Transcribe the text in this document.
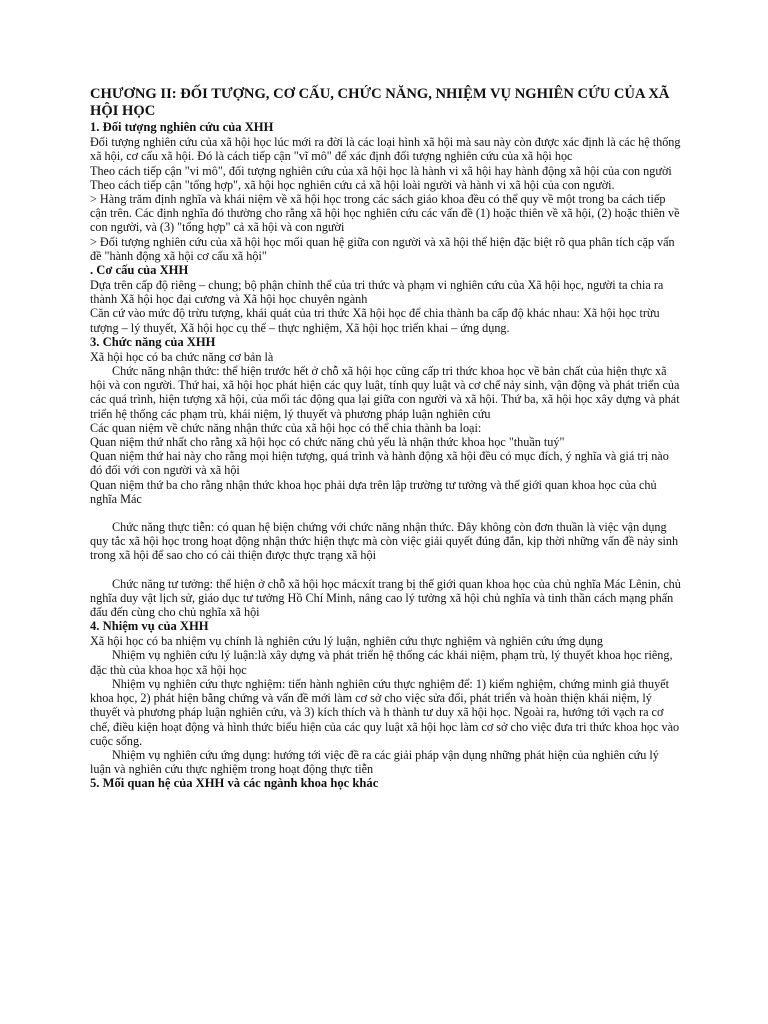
CHƯƠNG II: ĐỐI TƯỢNG, CƠ CẤU, CHỨC NĂNG, NHIỆM VỤ NGHIÊN CỨU CỦA XÃ HỘI HỌC
1. Đối tượng nghiên cứu của XHH

Đối tượng nghiên cứu của xã hội học lúc mới ra đời là các loại hình xã hội mà sau này còn được xác định là các hệ thống xã hội, cơ cấu xã hội. Đó là cách tiếp cận "vĩ mô" để xác định đối tượng nghiên cứu của xã hội học

Theo cách tiếp cận "vi mô", đối tượng nghiên cứu của xã hội học là hành vi xã hội hay hành động xã hội của con người

Theo cách tiếp cận "tổng hợp", xã hội học nghiên cứu cả xã hội loài người và hành vi xã hội của con người.

> Hàng trăm định nghĩa và khái niệm về xã hội học trong các sách giáo khoa đều có thể quy về một trong ba cách tiếp cận trên. Các định nghĩa đó thường cho rằng xã hội học nghiên cứu các vấn đề (1) hoặc thiên về xã hội, (2) hoặc thiên về con người, và (3) "tổng hợp" cả xã hội và con người

> Đối tượng nghiên cứu của xã hội học mối quan hệ giữa con người và xã hội thể hiện đặc biệt rõ qua phân tích cặp vấn đề "hành động xã hội cơ cấu xã hội"

. Cơ cấu của XHH

Dựa trên cấp độ riêng – chung; bộ phận chỉnh thể của tri thức và phạm vi nghiên cứu của Xã hội học, người ta chia ra thành Xã hội học đại cương và Xã hội học chuyên ngành

Căn cứ vào mức độ trừu tượng, khái quát của tri thức Xã hội học để chia thành ba cấp độ khác nhau: Xã hội học trừu tượng – lý thuyết, Xã hội học cụ thể – thực nghiệm, Xã hội học triển khai – ứng dụng.

3. Chức năng của XHH

Xã hội học có ba chức năng cơ bản là

Chức năng nhận thức: thể hiện trước hết ở chỗ xã hội học cũng cấp tri thức khoa học về bản chất của hiện thực xã hội và con người. Thứ hai, xã hội học phát hiện các quy luật, tính quy luật và cơ chế nảy sinh, vận động và phát triển của các quá trình, hiện tượng xã hội, của mối tác động qua lại giữa con người và xã hội. Thứ ba, xã hội học xây dựng và phát triển hệ thống các phạm trù, khái niệm, lý thuyết và phương pháp luận nghiên cứu

Các quan niệm về chức năng nhận thức của xã hội học có thể chia thành ba loại:

Quan niệm thứ nhất cho rằng xã hội học có chức năng chủ yếu là nhận thức khoa học "thuần tuý"

Quan niệm thứ hai này cho rằng mọi hiện tượng, quá trình và hành động xã hội đều có mục đích, ý nghĩa và giá trị nào đó đối với con người và xã hội

Quan niệm thứ ba cho rằng nhận thức khoa học phải dựa trên lập trường tư tưởng và thế giới quan khoa học của chủ nghĩa Mác

Chức năng thực tiễn: có quan hệ biện chứng với chức năng nhận thức. Đây không còn đơn thuần là việc vận dụng quy tắc xã hội học trong hoạt động nhận thức hiện thực mà còn việc giải quyết đúng đắn, kịp thời những vấn đề nảy sinh trong xã hội để sao cho có cải thiện được thực trạng xã hội

Chức năng tư tưởng: thể hiện ở chỗ xã hội học mácxít trang bị thế giới quan khoa học của chủ nghĩa Mác Lênin, chủ nghĩa duy vật lịch sử, giáo dục tư tưởng Hồ Chí Minh, nâng cao lý tưởng xã hội chủ nghĩa và tinh thần cách mạng phấn đấu đến cùng cho chủ nghĩa xã hội

4. Nhiệm vụ của XHH

Xã hội học có ba nhiệm vụ chính là nghiên cứu lý luận, nghiên cứu thực nghiệm và nghiên cứu ứng dụng

Nhiệm vụ nghiên cứu lý luận:là xây dựng và phát triển hệ thống các khái niệm, phạm trù, lý thuyết khoa học riêng, đặc thù của khoa học xã hội học

Nhiệm vụ nghiên cứu thực nghiệm: tiến hành nghiên cứu thực nghiệm để: 1) kiểm nghiệm, chứng minh giả thuyết khoa học, 2) phát hiện bằng chứng và vấn đề mới làm cơ sở cho việc sửa đổi, phát triển và hoàn thiện khái niệm, lý thuyết và phương pháp luận nghiên cứu, và 3) kích thích và h thành tư duy xã hội học. Ngoài ra, hướng tới vạch ra cơ chế, điều kiện hoạt động và hình thức biểu hiện của các quy luật xã hội học làm cơ sở cho việc đưa tri thức khoa học vào cuộc sống.

Nhiệm vụ nghiên cứu ứng dụng: hướng tới việc đề ra các giải pháp vận dụng những phát hiện của nghiên cứu lý luận và nghiên cứu thực nghiệm trong hoạt động thực tiễn

5. Mối quan hệ của XHH và các ngành khoa học khác
